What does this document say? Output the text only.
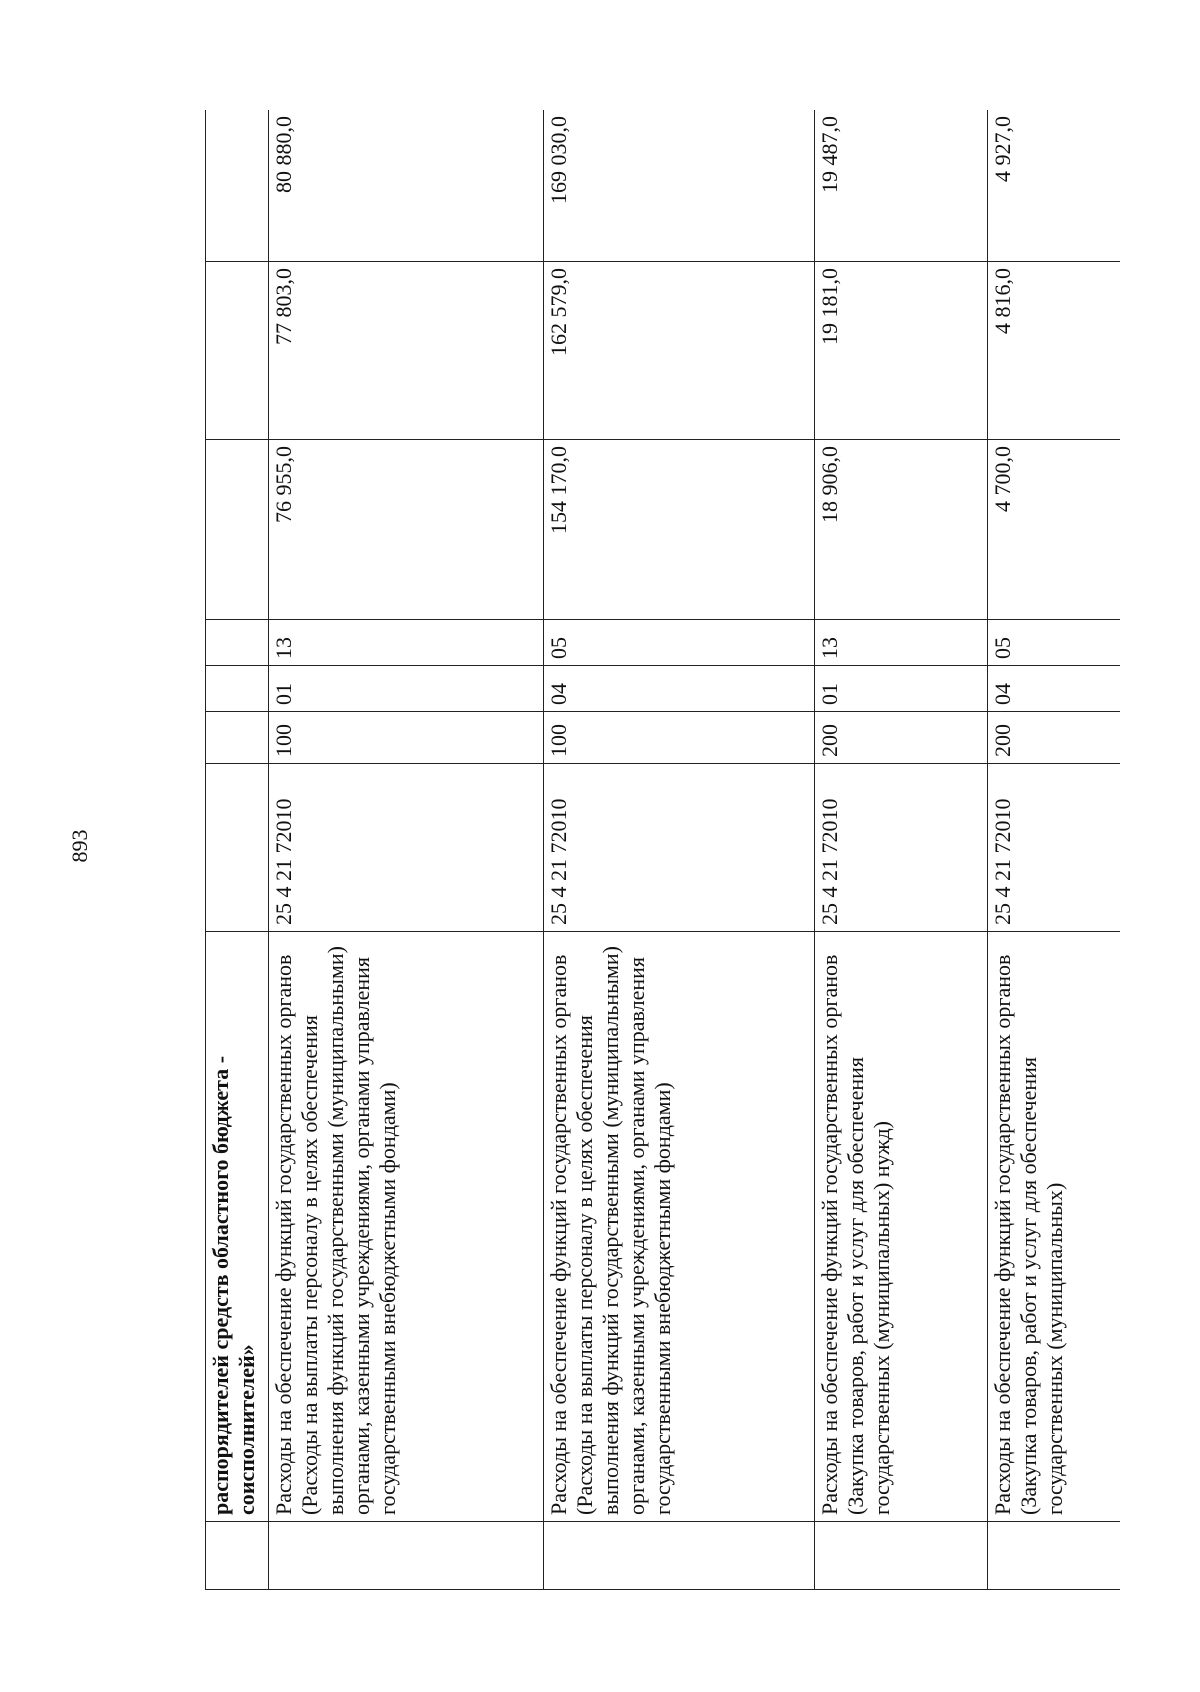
893
	распорядителей средств областного бюджета - соисполнителей»							

	Расходы на обеспечение функций государственных органов (Расходы на выплаты персоналу в целях обеспечения выполнения функций государственными (муниципальными) органами, казенными учреждениями, органами управления государственными внебюджетными фондами)	25 4 21 72010	100	01	13	76 955,0	77 803,0	80 880,0

	Расходы на обеспечение функций государственных органов (Расходы на выплаты персоналу в целях обеспечения выполнения функций государственными (муниципальными) органами, казенными учреждениями, органами управления государственными внебюджетными фондами)	25 4 21 72010	100	04	05	154 170,0	162 579,0	169 030,0

	Расходы на обеспечение функций государственных органов (Закупка товаров, работ и услуг для обеспечения государственных (муниципальных) нужд)	25 4 21 72010	200	01	13	18 906,0	19 181,0	19 487,0

	Расходы на обеспечение функций государственных органов (Закупка товаров, работ и услуг для обеспечения государственных (муниципальных)	25 4 21 72010	200	04	05	4 700,0	4 816,0	4 927,0
